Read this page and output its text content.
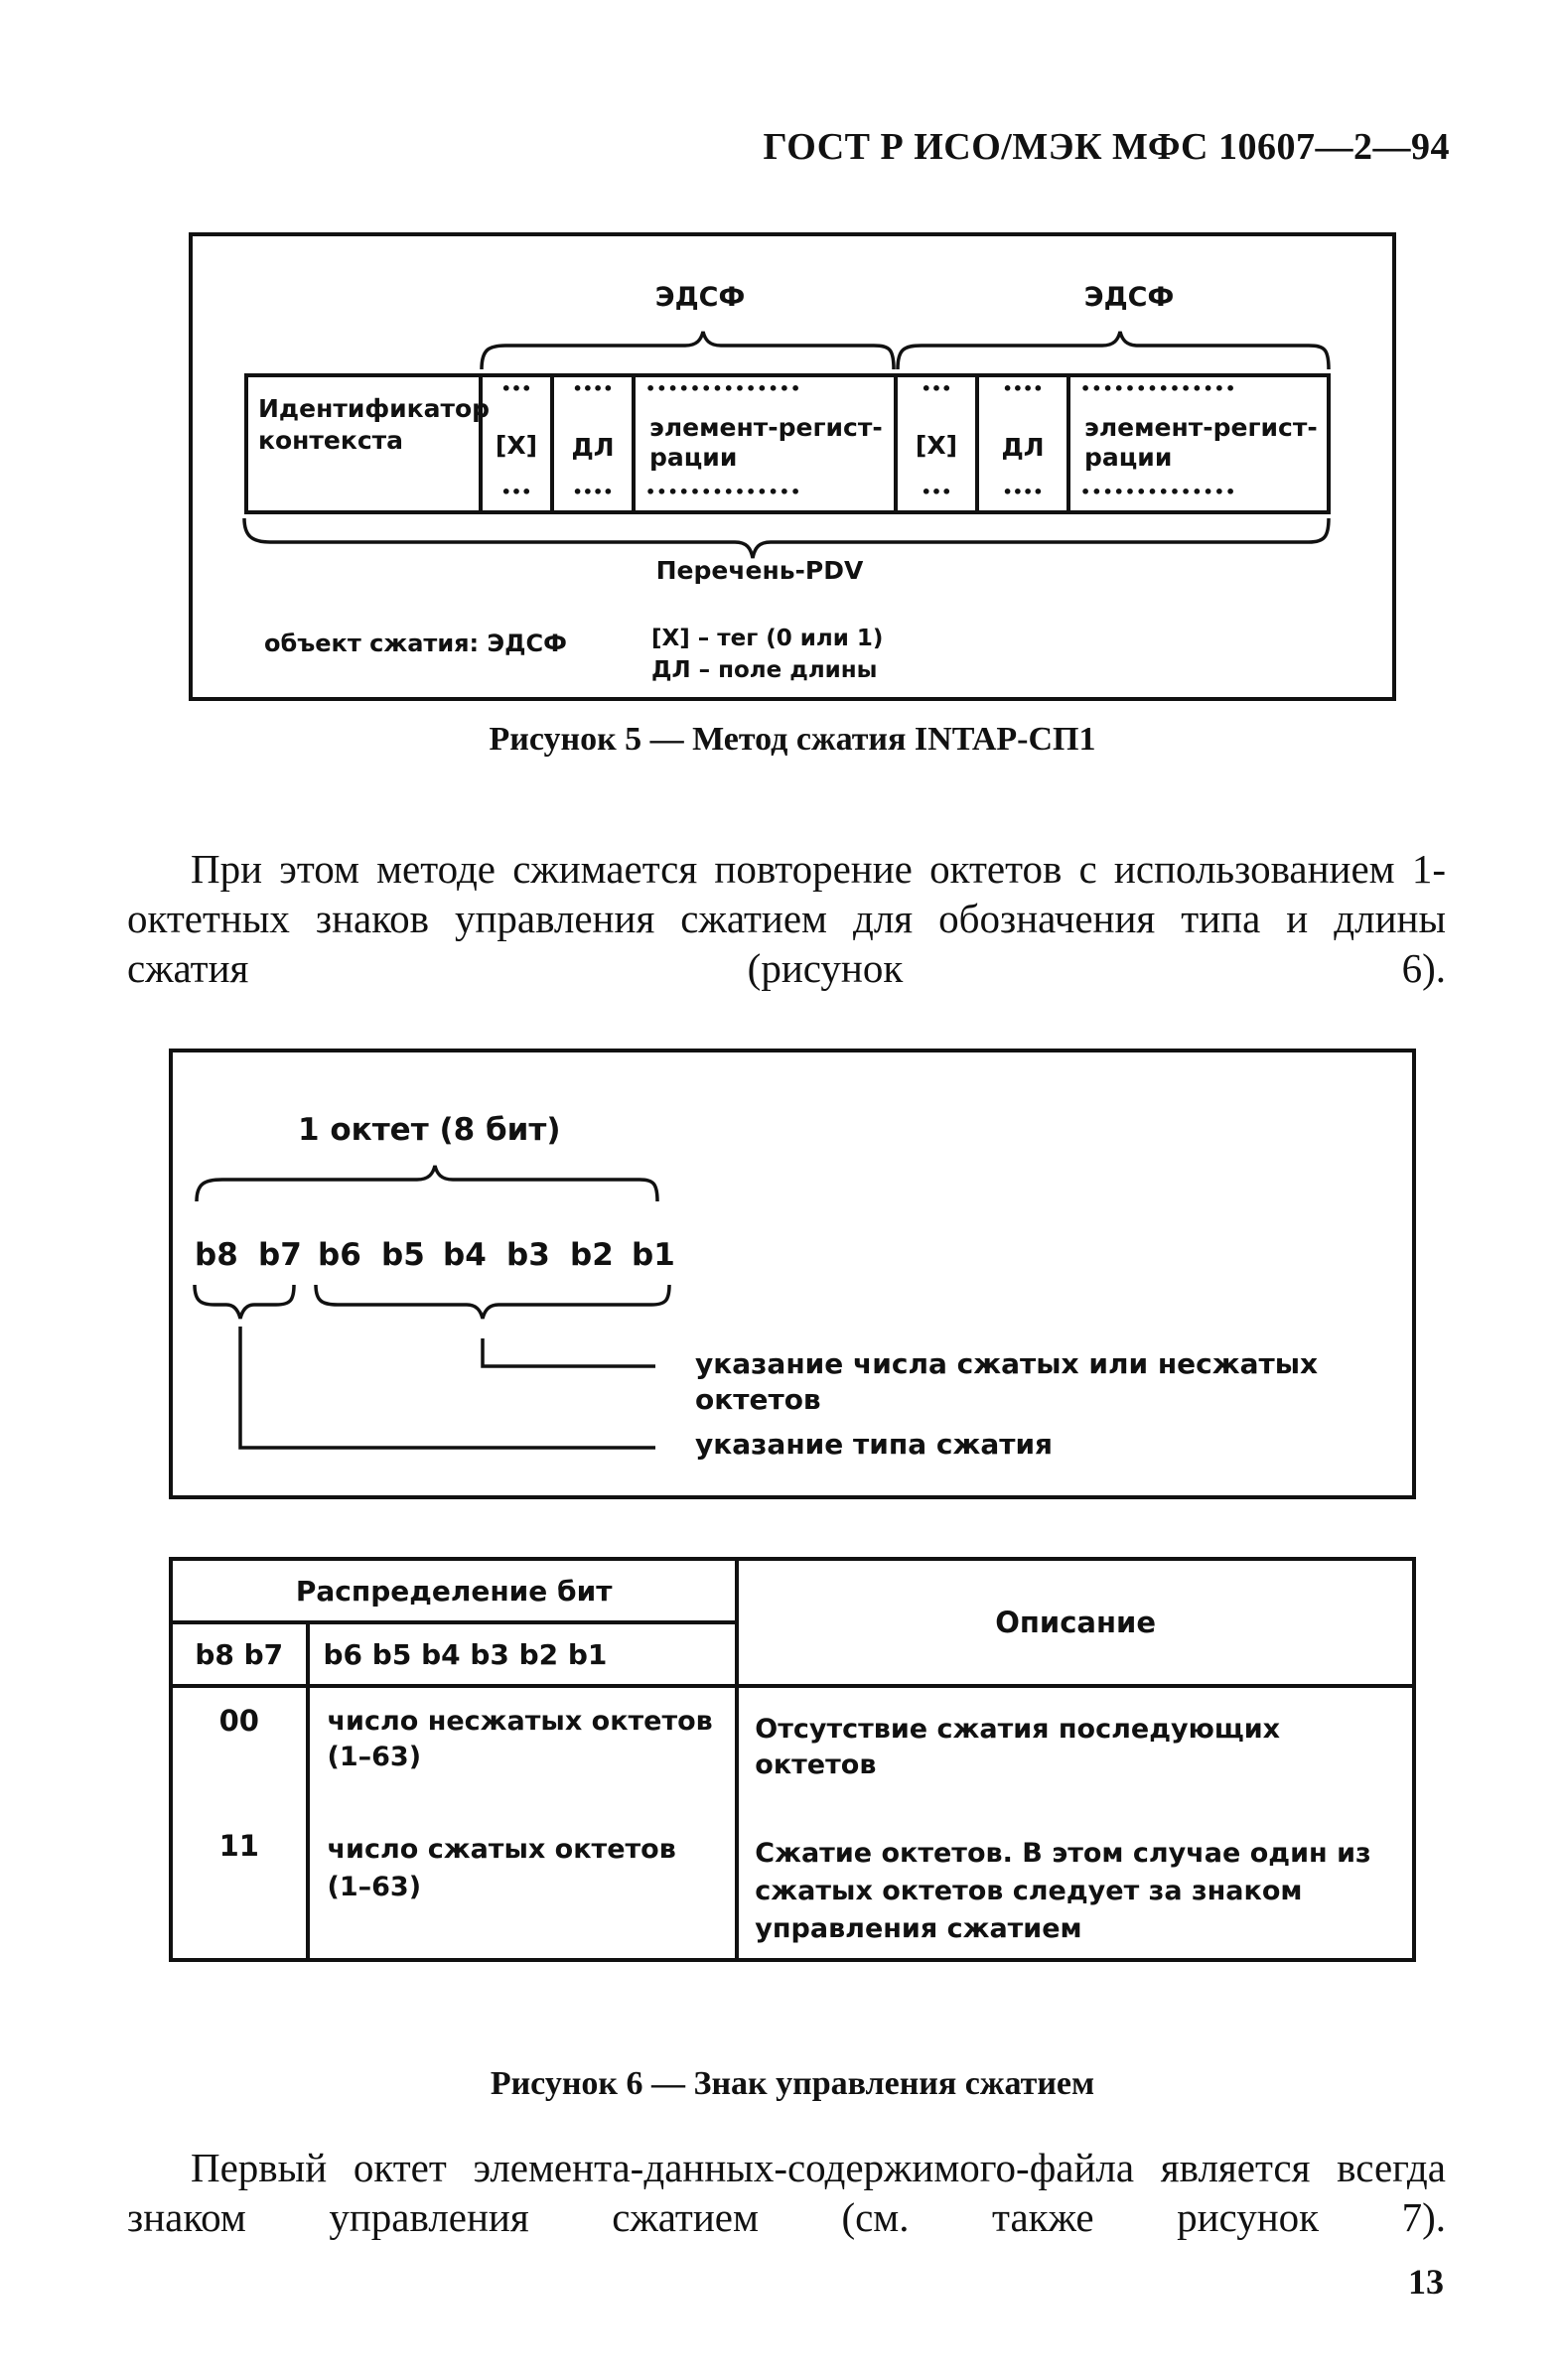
ГОСТ Р ИСО/МЭК МФС 10607—2—94
ЭДСФ	ЭДСФ
Идентификатор контекста
•••
[X]
•••
••••
ДЛ
••••
••••••••••••••
элемент-регист- рации
••••••••••••••
•••
[X]
•••
••••
ДЛ
••••
••••••••••••••
элемент-регист- рации
••••••••••••••
Перечень-PDV
объект сжатия: ЭДСФ	[X] – тег (0 или 1)
ДЛ – поле длины
Рисунок 5 — Метод сжатия INTAP-СП1
При этом методе сжимается повторение октетов с использованием 1-октетных знаков управления сжатием для обозначения типа и длины сжатия (рисунок 6).
1 октет (8 бит)
b8 b7 b6 b5 b4 b3 b2 b1
указание числа сжатых или несжатых октетов
указание типа сжатия
Распределение бит		Описание
b8 b7	b6 b5 b4 b3 b2 b1	
00	число несжатых октетов (1–63)	Отсутствие сжатия последующих октетов
11	число сжатых октетов (1–63)	Сжатие октетов. В этом случае один из сжатых октетов следует за знаком управления сжатием
Рисунок 6 — Знак управления сжатием
Первый октет элемента-данных-содержимого-файла является всегда знаком управления сжатием (см. также рисунок 7).
13
